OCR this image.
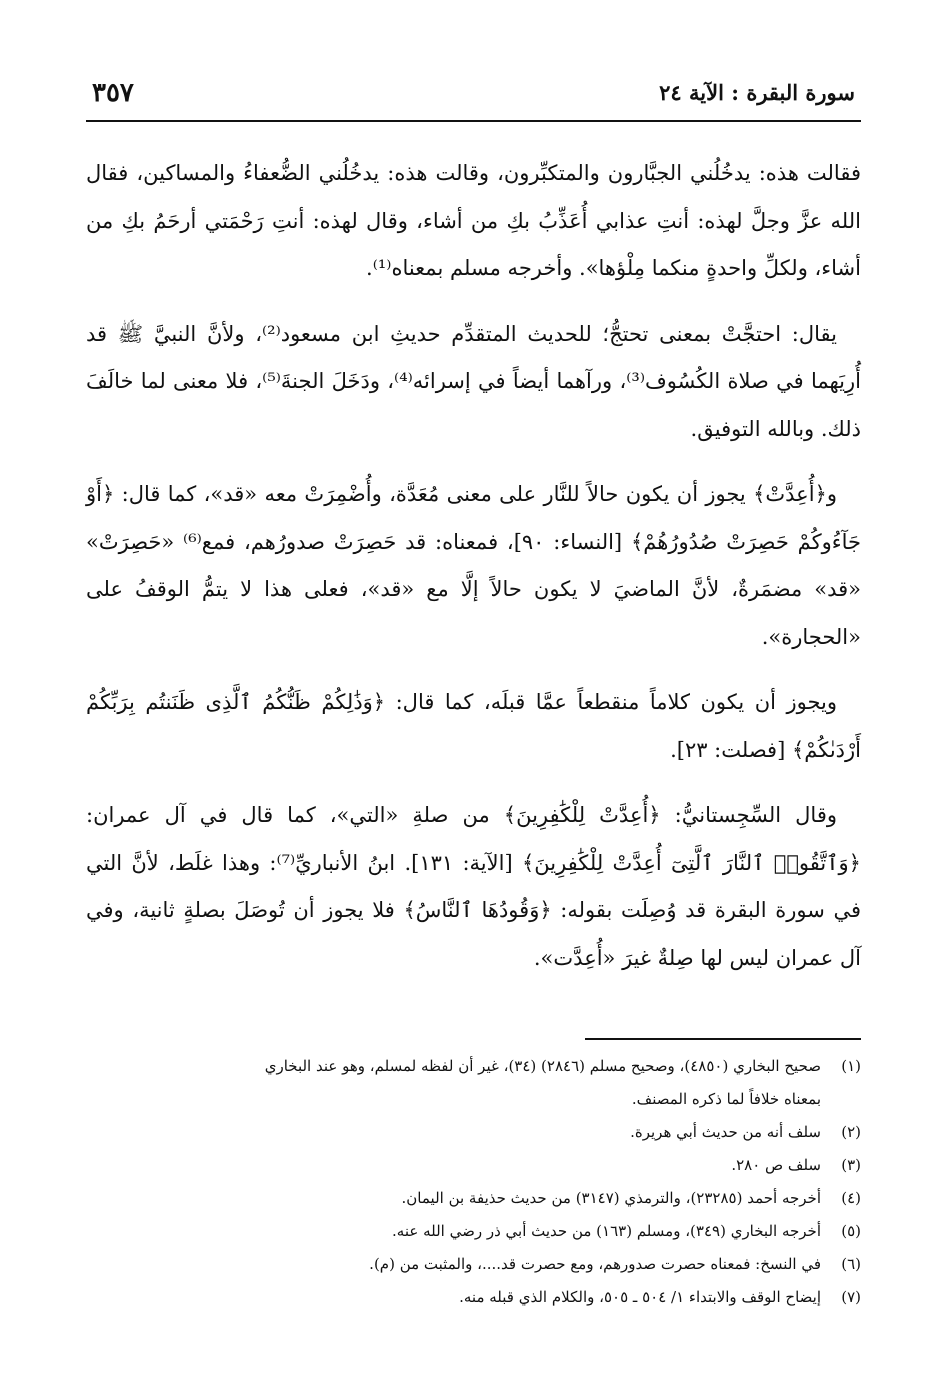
٣٥٧	سورة البقرة : الآية ٢٤

فقالت هذه: يدخُلُني الجبَّارون والمتكبِّرون، وقالت هذه: يدخُلُني الضُّعفاءُ والمساكين، فقال الله عزَّ وجلَّ لهذه: أنتِ عذابي أُعَذِّبُ بكِ من أشاء، وقال لهذه: أنتِ رَحْمَتي أرحَمُ بكِ من أشاء، ولكلِّ واحدةٍ منكما مِلْؤها». وأخرجه مسلم بمعناه⁽¹⁾.

يقال: احتجَّتْ بمعنى تحتجُّ؛ للحديث المتقدِّم حديثِ ابن مسعود⁽²⁾، ولأنَّ النبيَّ ﷺ قد أُرِيَهما في صلاة الكُسُوف⁽³⁾، ورآهما أيضاً في إسرائه⁽⁴⁾، ودَخَلَ الجنةَ⁽⁵⁾، فلا معنى لما خالَفَ ذلك. وبالله التوفيق.

و﴿أُعِدَّتْ﴾ يجوز أن يكون حالاً للنَّار على معنى مُعَدَّة، وأُضْمِرَتْ معه «قد»، كما قال: ﴿أَوْ جَآءُوكُمْ حَصِرَتْ صُدُورُهُمْ﴾ [النساء: ٩٠]، فمعناه: قد حَصِرَتْ صدورُهم، فمع⁽⁶⁾ «حَصِرَتْ» «قد» مضمَرةٌ، لأنَّ الماضيَ لا يكون حالاً إلَّا مع «قد»، فعلى هذا لا يتمُّ الوقفُ على «الحجارة».

ويجوز أن يكون كلاماً منقطعاً عمَّا قبلَه، كما قال: ﴿وَذَٰلِكُمْ ظَنُّكُمُ ٱلَّذِى ظَنَنتُم بِرَبِّكُمْ أَرْدَىٰكُمْ﴾ [فصلت: ٢٣].

وقال السِّجِستانيُّ: ﴿أُعِدَّتْ لِلْكَٰفِرِينَ﴾ من صلةِ «التي»، كما قال في آل عمران: ﴿وَٱتَّقُوا۟ ٱلنَّارَ ٱلَّتِىٓ أُعِدَّتْ لِلْكَٰفِرِينَ﴾ [الآية: ١٣١]. ابنُ الأنباريِّ⁽⁷⁾: وهذا غلَط، لأنَّ التي في سورة البقرة قد وُصِلَت بقوله: ﴿وَقُودُهَا ٱلنَّاسُ﴾ فلا يجوز أن تُوصَلَ بصلةٍ ثانية، وفي آل عمران ليس لها صِلةٌ غيرَ «أُعِدَّت».

(١)صحيح البخاري (٤٨٥٠)، وصحيح مسلم (٢٨٤٦) (٣٤)، غير أن لفظه لمسلم، وهو عند البخاري
بمعناه خلافاً لما ذكره المصنف.

(٢)سلف أنه من حديث أبي هريرة.

(٣)سلف ص ٢٨٠.

(٤)أخرجه أحمد (٢٣٢٨٥)، والترمذي (٣١٤٧) من حديث حذيفة بن اليمان.

(٥)أخرجه البخاري (٣٤٩)، ومسلم (١٦٣) من حديث أبي ذر رضي الله عنه.

(٦)في النسخ: فمعناه حصرت صدورهم، ومع حصرت قد....، والمثبت من (م).

(٧)إيضاح الوقف والابتداء ١/ ٥٠٤ ـ ٥٠٥، والكلام الذي قبله منه.
